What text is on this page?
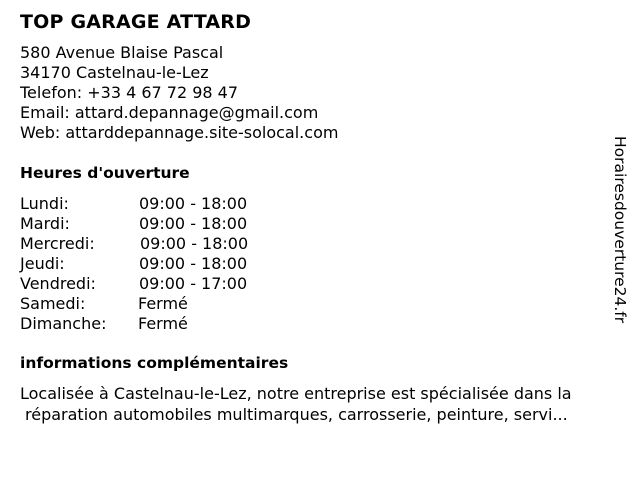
TOP GARAGE ATTARD
580 Avenue Blaise Pascal
34170 Castelnau-le-Lez
Telefon: +33 4 67 72 98 47
Email: attard.depannage@gmail.com
Web: attarddepannage.site-solocal.com
Heures d'ouverture
Lundi:	09:00 - 18:00
Mardi:	09:00 - 18:00
Mercredi:	09:00 - 18:00
Jeudi:	09:00 - 18:00
Vendredi:	09:00 - 17:00
Samedi:	Fermé
Dimanche: Fermé
informations complémentaires
Localisée à Castelnau-le-Lez, notre entreprise est spécialisée dans la
réparation automobiles multimarques, carrosserie, peinture, servi...
Horairesdouverture24.fr
